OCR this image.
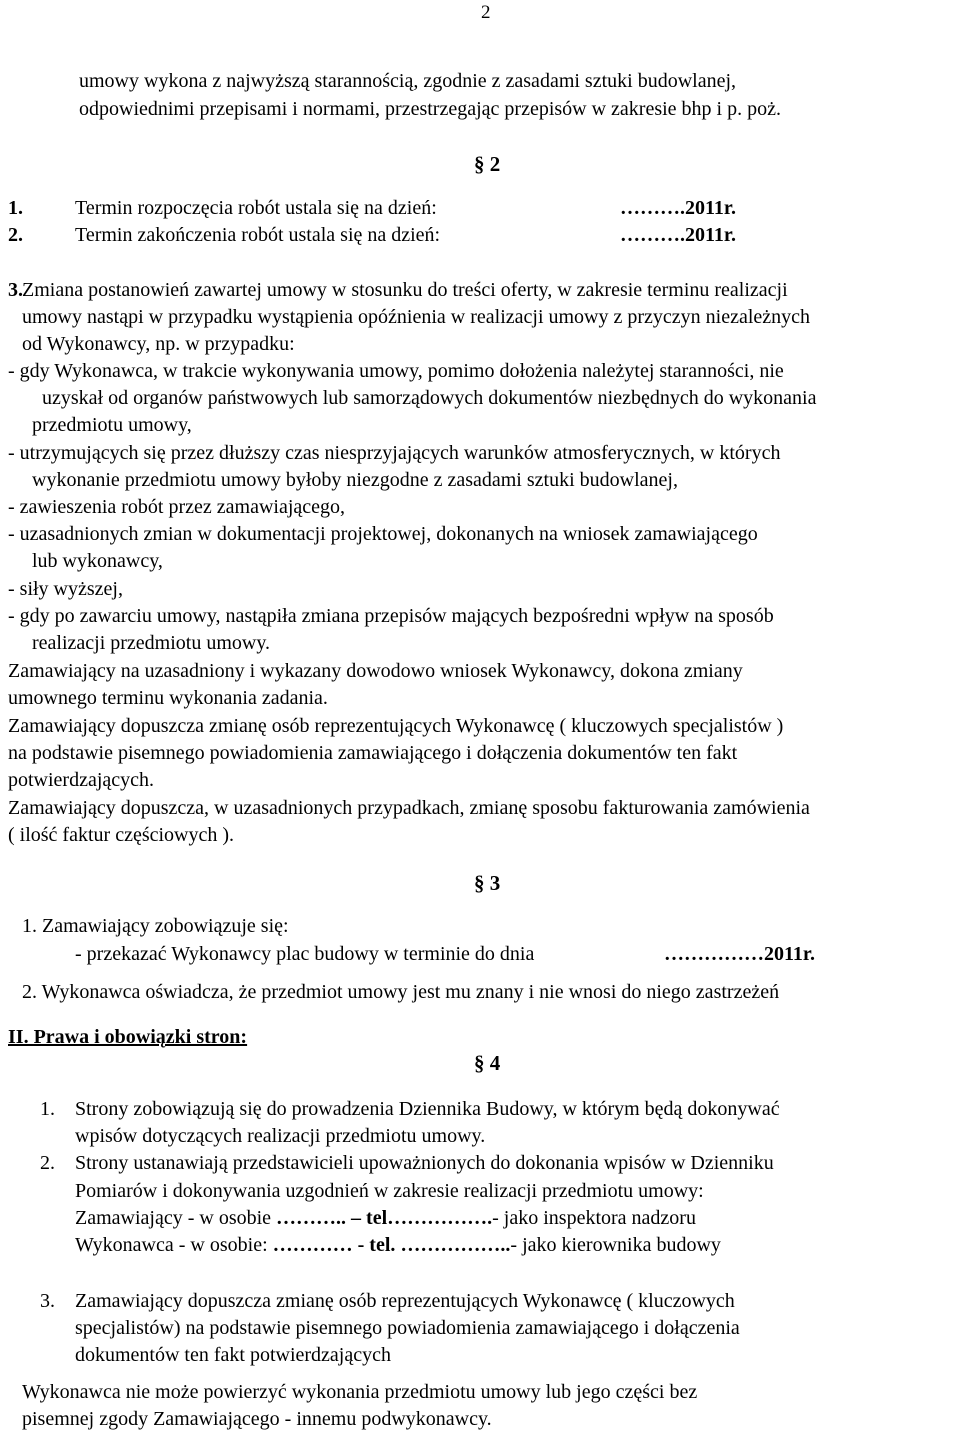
2
umowy wykona z najwyższą starannością, zgodnie z zasadami sztuki budowlanej,
odpowiednimi przepisami i normami, przestrzegając przepisów w zakresie bhp i p. poż.
§ 2
1.	Termin rozpoczęcia robót ustala się na dzień:	……….2011r.
2.	Termin zakończenia robót ustala się na dzień:	……….2011r.
3. Zmiana postanowień zawartej umowy w stosunku do treści oferty, w zakresie terminu realizacji
umowy nastąpi w przypadku wystąpienia opóźnienia w realizacji umowy z przyczyn niezależnych
od Wykonawcy, np. w przypadku:
- gdy Wykonawca, w trakcie wykonywania umowy, pomimo dołożenia należytej staranności, nie
uzyskał od organów państwowych lub samorządowych dokumentów niezbędnych do wykonania
przedmiotu umowy,
- utrzymujących się przez dłuższy czas niesprzyjających warunków atmosferycznych, w których
wykonanie przedmiotu umowy byłoby niezgodne z zasadami sztuki budowlanej,
- zawieszenia robót przez zamawiającego,
- uzasadnionych zmian w dokumentacji projektowej, dokonanych na wniosek zamawiającego
lub wykonawcy,
- siły wyższej,
- gdy po zawarciu umowy, nastąpiła zmiana przepisów mających bezpośredni wpływ na sposób
realizacji przedmiotu umowy.
Zamawiający na uzasadniony i wykazany dowodowo wniosek Wykonawcy, dokona zmiany
umownego terminu wykonania zadania.
Zamawiający dopuszcza zmianę osób reprezentujących Wykonawcę ( kluczowych specjalistów )
na podstawie pisemnego powiadomienia zamawiającego i dołączenia dokumentów ten fakt
potwierdzających.
Zamawiający dopuszcza, w uzasadnionych przypadkach, zmianę sposobu fakturowania zamówienia
( ilość faktur częściowych ).
§ 3
1. Zamawiający zobowiązuje się:
- przekazać Wykonawcy plac budowy w terminie do dnia	……………2011r.
2. Wykonawca oświadcza, że przedmiot umowy jest mu znany i nie wnosi do niego zastrzeżeń
II. Prawa i obowiązki stron:
§ 4
1. Strony zobowiązują się do prowadzenia Dziennika Budowy, w którym będą dokonywać
wpisów dotyczących realizacji przedmiotu umowy.
2. Strony ustanawiają przedstawicieli upoważnionych do dokonania wpisów w Dzienniku
Pomiarów i dokonywania uzgodnień w zakresie realizacji przedmiotu umowy:
Zamawiający - w osobie ……….. – tel…………….- jako inspektora nadzoru
Wykonawca - w osobie: ………… - tel. ……………..- jako kierownika budowy
3. Zamawiający dopuszcza zmianę osób reprezentujących Wykonawcę ( kluczowych
specjalistów) na podstawie pisemnego powiadomienia zamawiającego i dołączenia
dokumentów ten fakt potwierdzających
Wykonawca nie może powierzyć wykonania przedmiotu umowy lub jego części bez
pisemnej zgody Zamawiającego - innemu podwykonawcy.
